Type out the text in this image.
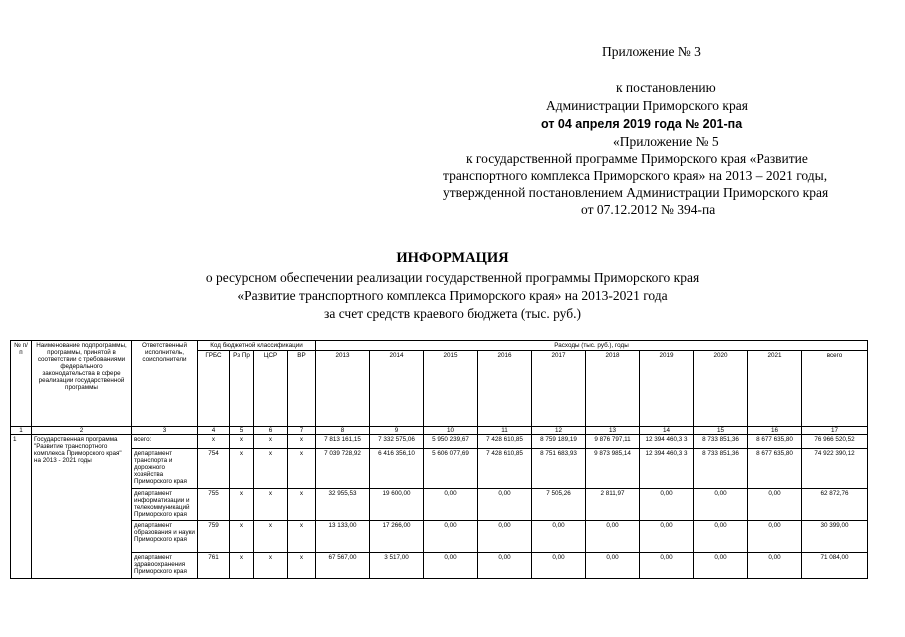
Приложение № 3
к постановлению
Администрации Приморского края
от 04 апреля 2019 года № 201-па
«Приложение № 5
к государственной программе Приморского края «Развитие
транспортного комплекса Приморского края» на 2013 – 2021 годы,
утвержденной постановлением Администрации Приморского края
от 07.12.2012 № 394-па
ИНФОРМАЦИЯ
о ресурсном обеспечении реализации государственной программы Приморского края
«Развитие транспортного комплекса Приморского края» на 2013-2021 года
за счет средств краевого бюджета (тыс. руб.)
№ п/п	Наименование подпрограммы, программы, принятой в соответствии с требованиями федерального законодательства в сфере реализации государственной программы	Ответственный исполнитель, соисполнители	Код бюджетной классификации				Расходы (тыс. руб.), годы									
			ГРБС	Рз Пр	ЦСР	ВР	2013	2014	2015	2016	2017	2018	2019	2020	2021	всего
1	2	3	4	5	6	7	8	9	10	11	12	13	14	15	16	17
1	Государственная программа "Развитие транспортного комплекса Приморского края" на 2013 - 2021 годы	всего:	х	х	х	х	7 813 161,15	7 332 575,06	5 950 239,67	7 428 610,85	8 759 189,19	9 876 797,11	12 394 460,3 3	8 733 851,36	8 677 635,80	76 966 520,52
		департамент транспорта и дорожного хозяйства Приморского края	754	х	х	х	7 039 728,92	6 416 356,10	5 606 077,69	7 428 610,85	8 751 683,93	9 873 985,14	12 394 460,3 3	8 733 851,36	8 677 635,80	74 922 390,12
		департамент информатизации и телекоммуникаций Приморского края	755	х	х	х	32 955,53	19 600,00	0,00	0,00	7 505,26	2 811,97	0,00	0,00	0,00	62 872,76
		департамент образования и науки Приморского края	759	х	х	х	13 133,00	17 266,00	0,00	0,00	0,00	0,00	0,00	0,00	0,00	30 399,00
		департамент здравоохранения Приморского края	761	х	х	х	67 567,00	3 517,00	0,00	0,00	0,00	0,00	0,00	0,00	0,00	71 084,00
